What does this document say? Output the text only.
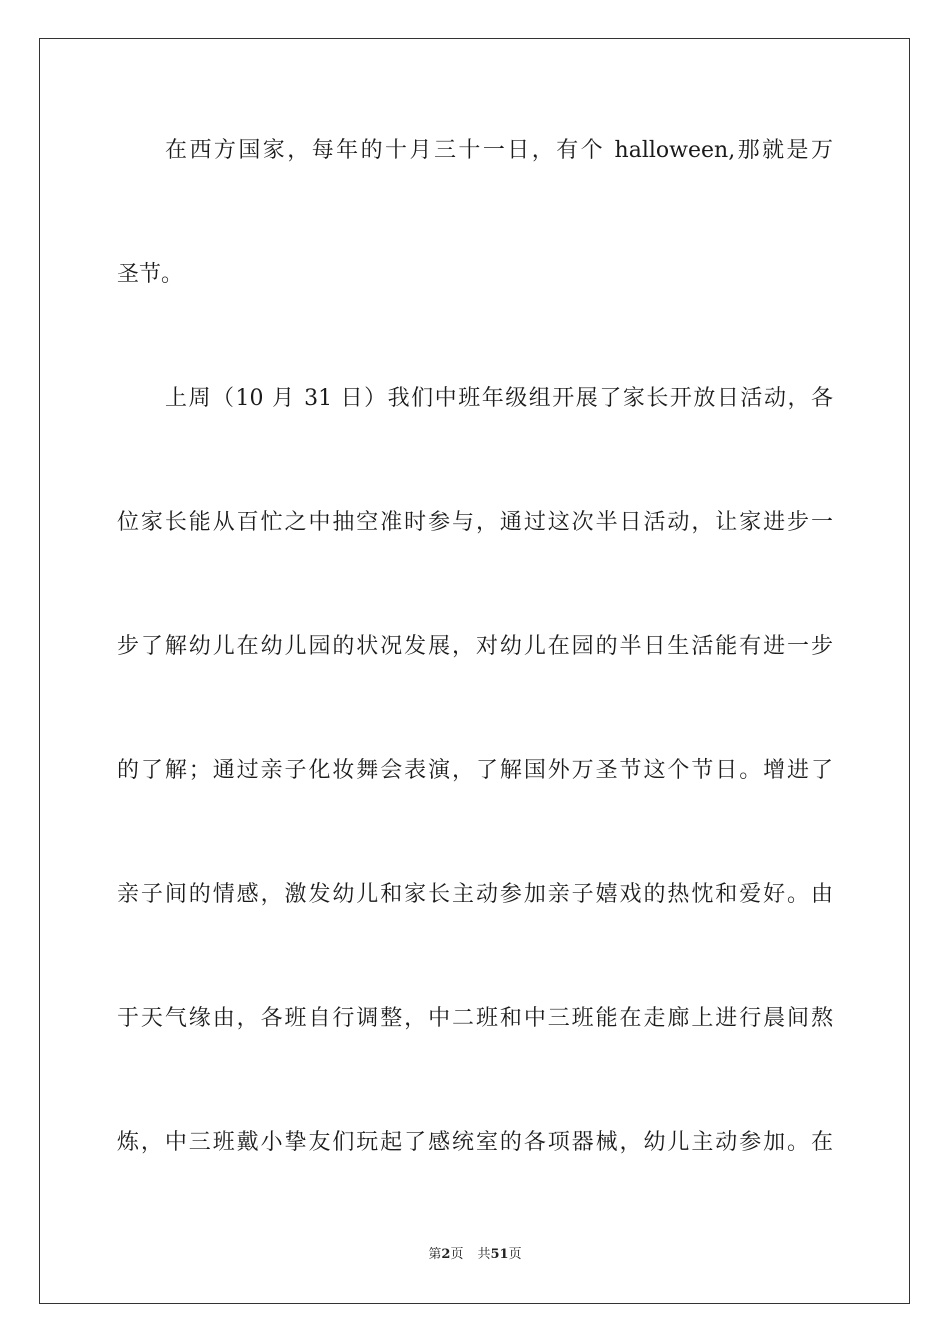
在西方国家，每年的十月三十一日，有个 halloween,那就是万
圣节。
上周（10 月 31 日）我们中班年级组开展了家长开放日活动，各
位家长能从百忙之中抽空准时参与，通过这次半日活动，让家进步一
步了解幼儿在幼儿园的状况发展，对幼儿在园的半日生活能有进一步
的了解；通过亲子化妆舞会表演，了解国外万圣节这个节日。增进了
亲子间的情感，激发幼儿和家长主动参加亲子嬉戏的热忱和爱好。由
于天气缘由，各班自行调整，中二班和中三班能在走廊上进行晨间熬
炼，中三班戴小挚友们玩起了感统室的各项器械，幼儿主动参加。在
第2页 共51页
